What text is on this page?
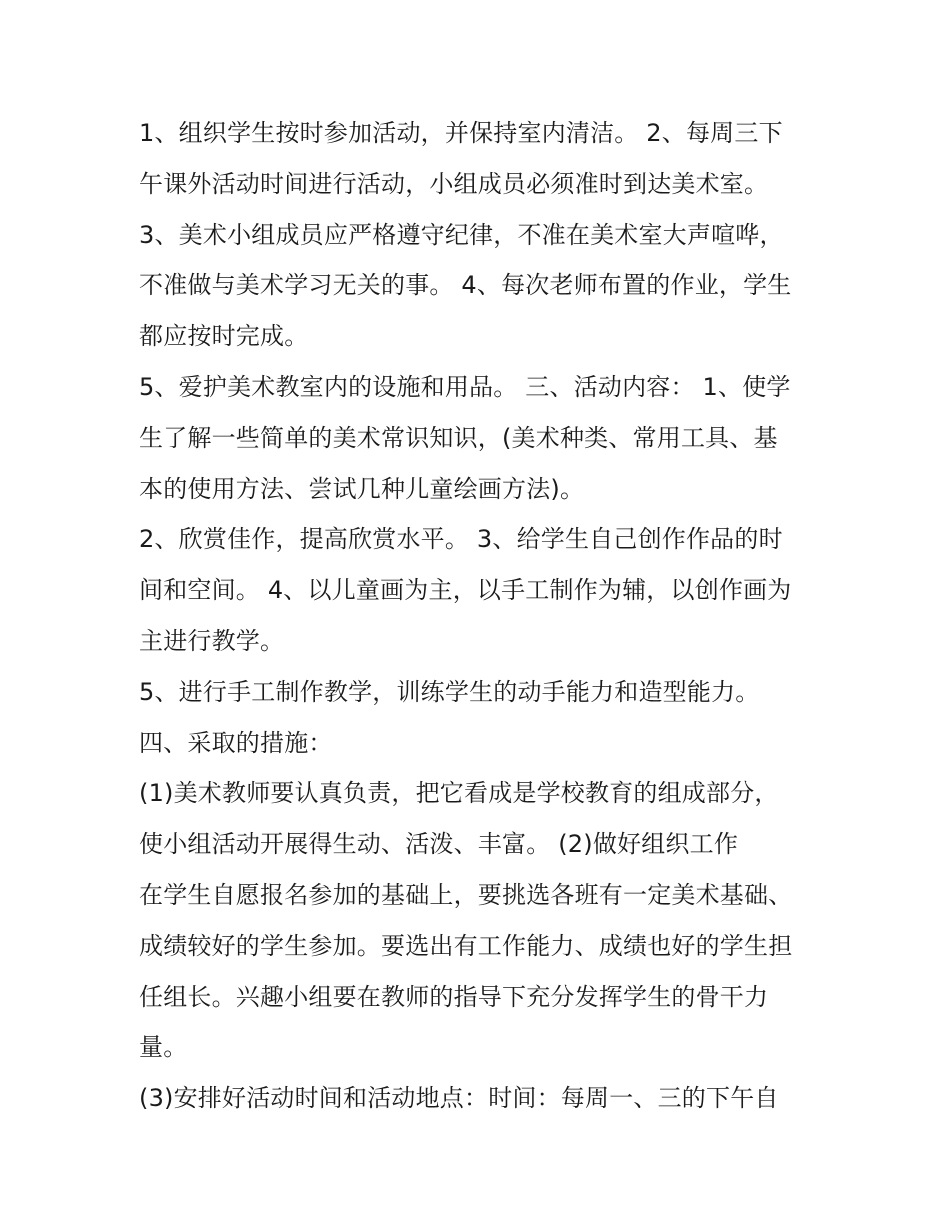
1、组织学生按时参加活动，并保持室内清洁。 2、每周三下
午课外活动时间进行活动，小组成员必须准时到达美术室。
3、美术小组成员应严格遵守纪律，不准在美术室大声喧哗，
不准做与美术学习无关的事。 4、每次老师布置的作业，学生
都应按时完成。
5、爱护美术教室内的设施和用品。 三、活动内容： 1、使学
生了解一些简单的美术常识知识，(美术种类、常用工具、基
本的使用方法、尝试几种儿童绘画方法)。
2、欣赏佳作，提高欣赏水平。 3、给学生自己创作作品的时
间和空间。 4、以儿童画为主，以手工制作为辅，以创作画为
主进行教学。
5、进行手工制作教学，训练学生的动手能力和造型能力。
四、采取的措施：
(1)美术教师要认真负责，把它看成是学校教育的组成部分，
使小组活动开展得生动、活泼、丰富。 (2)做好组织工作
在学生自愿报名参加的基础上，要挑选各班有一定美术基础、
成绩较好的学生参加。要选出有工作能力、成绩也好的学生担
任组长。兴趣小组要在教师的指导下充分发挥学生的骨干力
量。
(3)安排好活动时间和活动地点：时间：每周一、三的下午自
